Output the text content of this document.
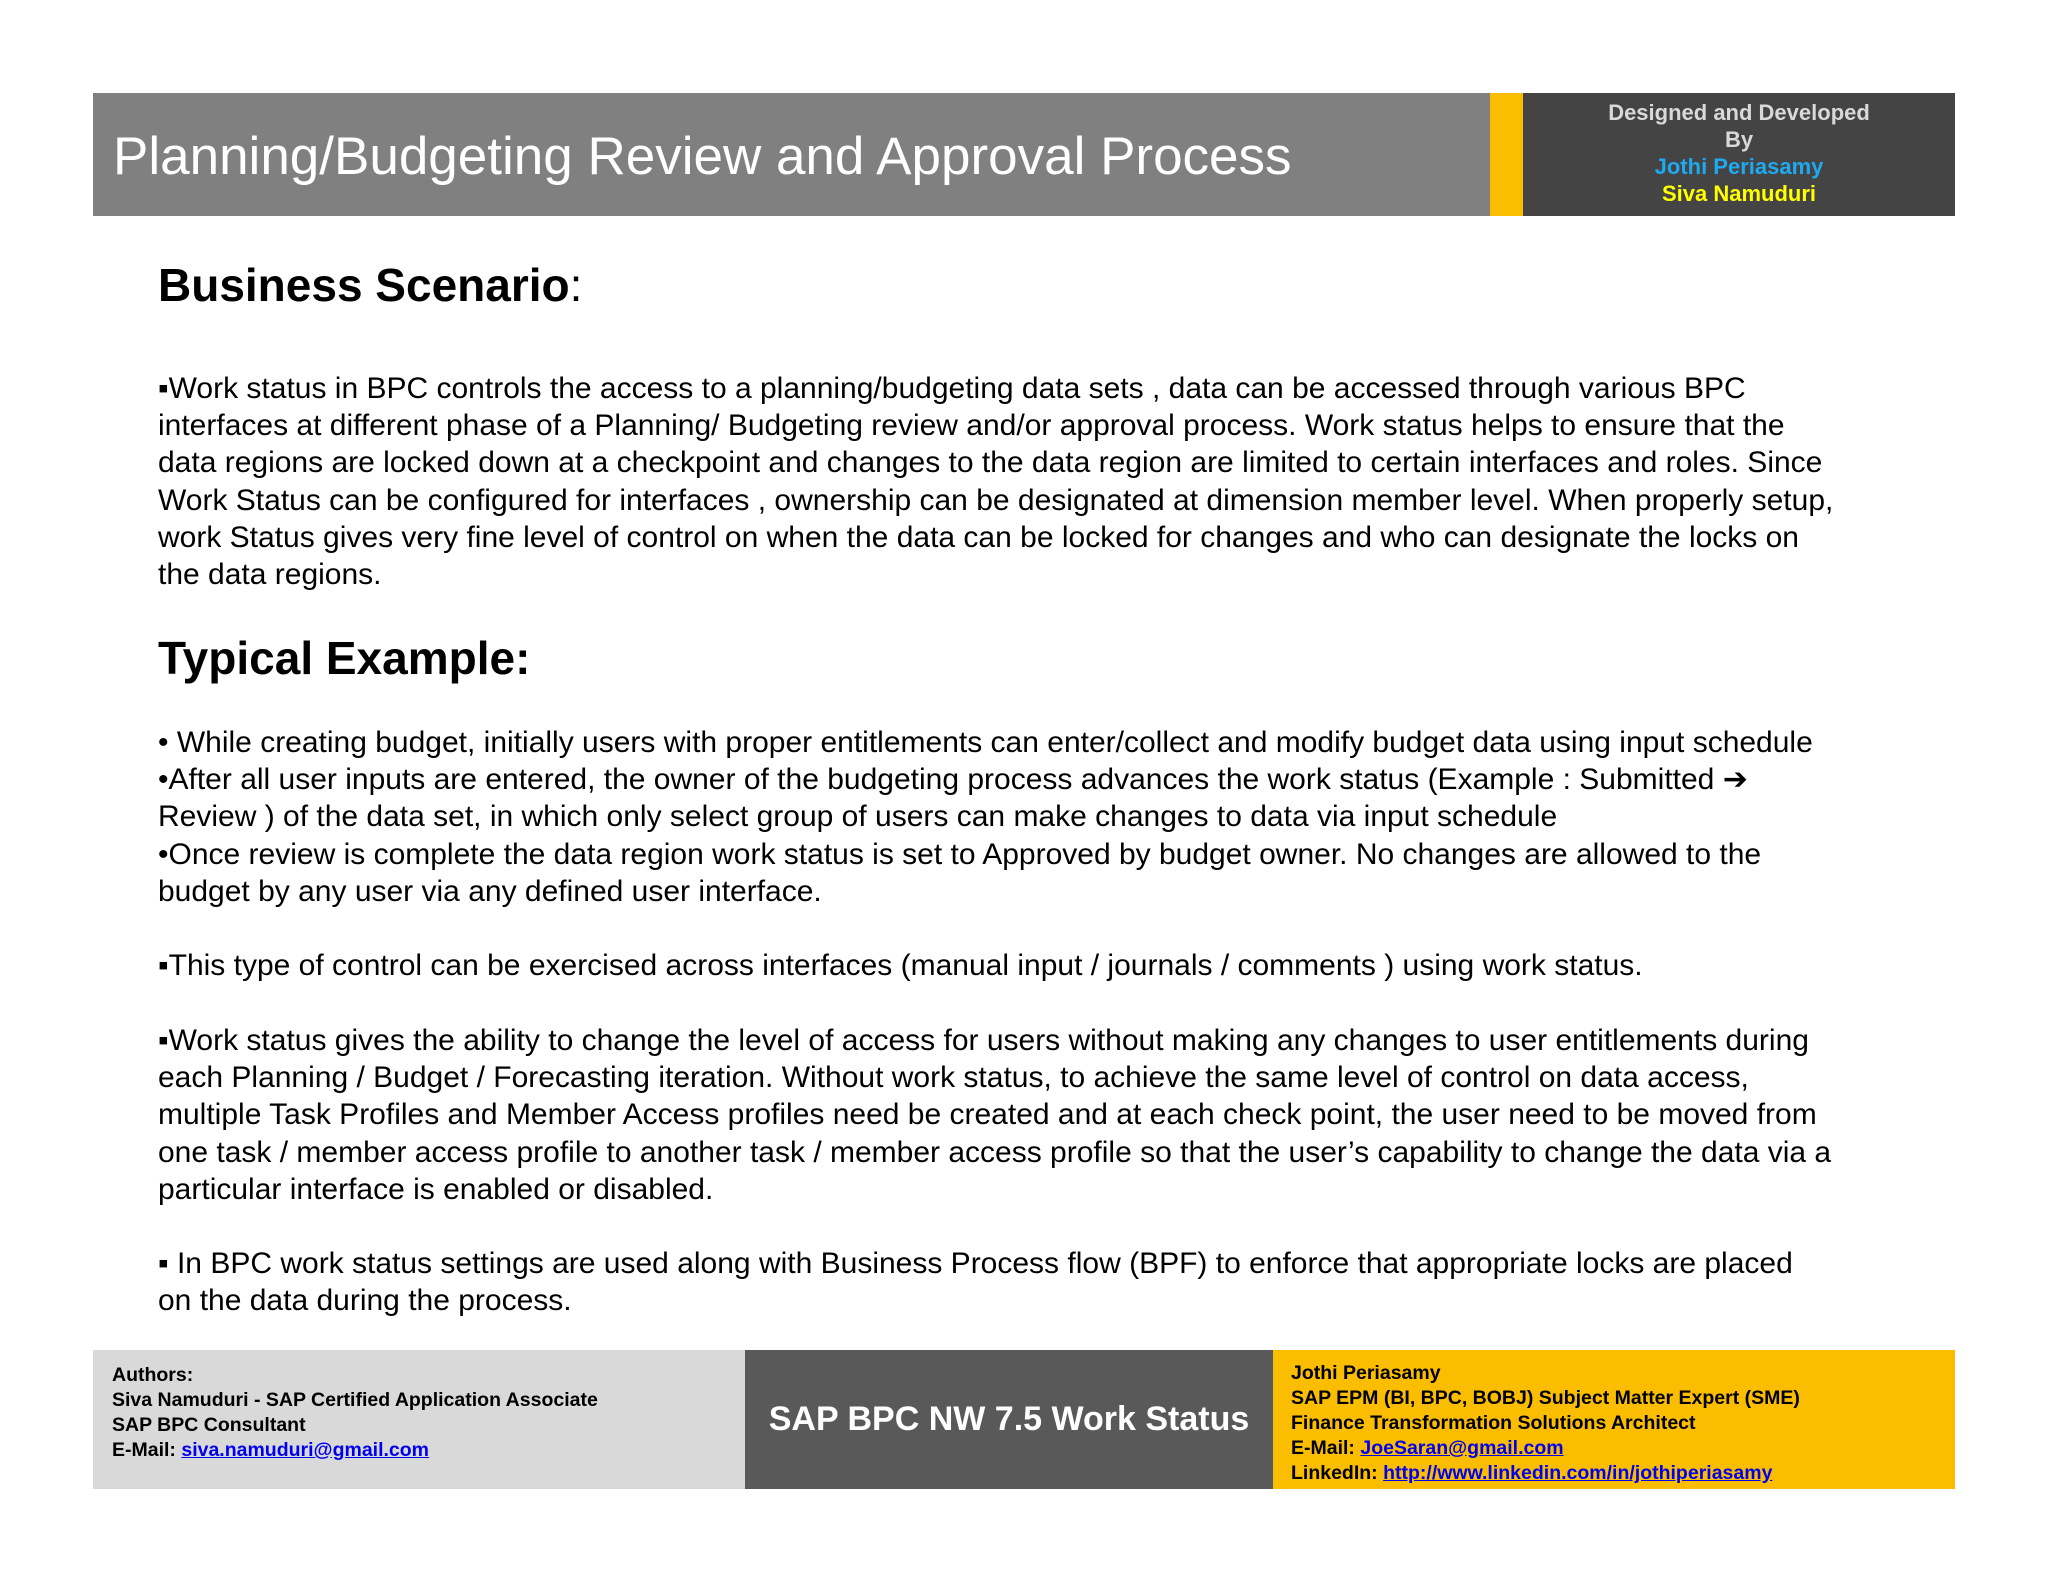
Planning/Budgeting Review and Approval Process
Designed and Developed
By
Jothi Periasamy
Siva Namuduri
Business Scenario:
▪Work status in BPC controls the access to a planning/budgeting data sets , data can be accessed through various BPC
interfaces at different phase of a Planning/ Budgeting review and/or approval process. Work status helps to ensure that the
data regions are locked down at a checkpoint and changes to the data region are limited to certain interfaces and roles. Since
Work Status can be configured for interfaces , ownership can be designated at dimension member level. When properly setup,
work Status gives very fine level of control on when the data can be locked for changes and who can designate the locks on
the data regions.
Typical Example:
• While creating budget, initially users with proper entitlements can enter/collect and modify budget data using input schedule
•After all user inputs are entered, the owner of the budgeting process advances the work status (Example : Submitted ➔
Review ) of the data set, in which only select group of users can make changes to data via input schedule
•Once review is complete the data region work status is set to Approved by budget owner. No changes are allowed to the
budget by any user via any defined user interface.
▪This type of control can be exercised across interfaces (manual input / journals / comments ) using work status.
▪Work status gives the ability to change the level of access for users without making any changes to user entitlements during
each Planning / Budget / Forecasting iteration. Without work status, to achieve the same level of control on data access,
multiple Task Profiles and Member Access profiles need be created and at each check point, the user need to be moved from
one task / member access profile to another task / member access profile so that the user’s capability to change the data via a
particular interface is enabled or disabled.
▪ In BPC work status settings are used along with Business Process flow (BPF) to enforce that appropriate locks are placed
on the data during the process.
Authors:
Siva Namuduri - SAP Certified Application Associate
SAP BPC Consultant
E-Mail: siva.namuduri@gmail.com
SAP BPC NW 7.5 Work Status
Jothi Periasamy
SAP EPM (BI, BPC, BOBJ) Subject Matter Expert (SME)
Finance Transformation Solutions Architect
E-Mail: JoeSaran@gmail.com
LinkedIn: http://www.linkedin.com/in/jothiperiasamy
